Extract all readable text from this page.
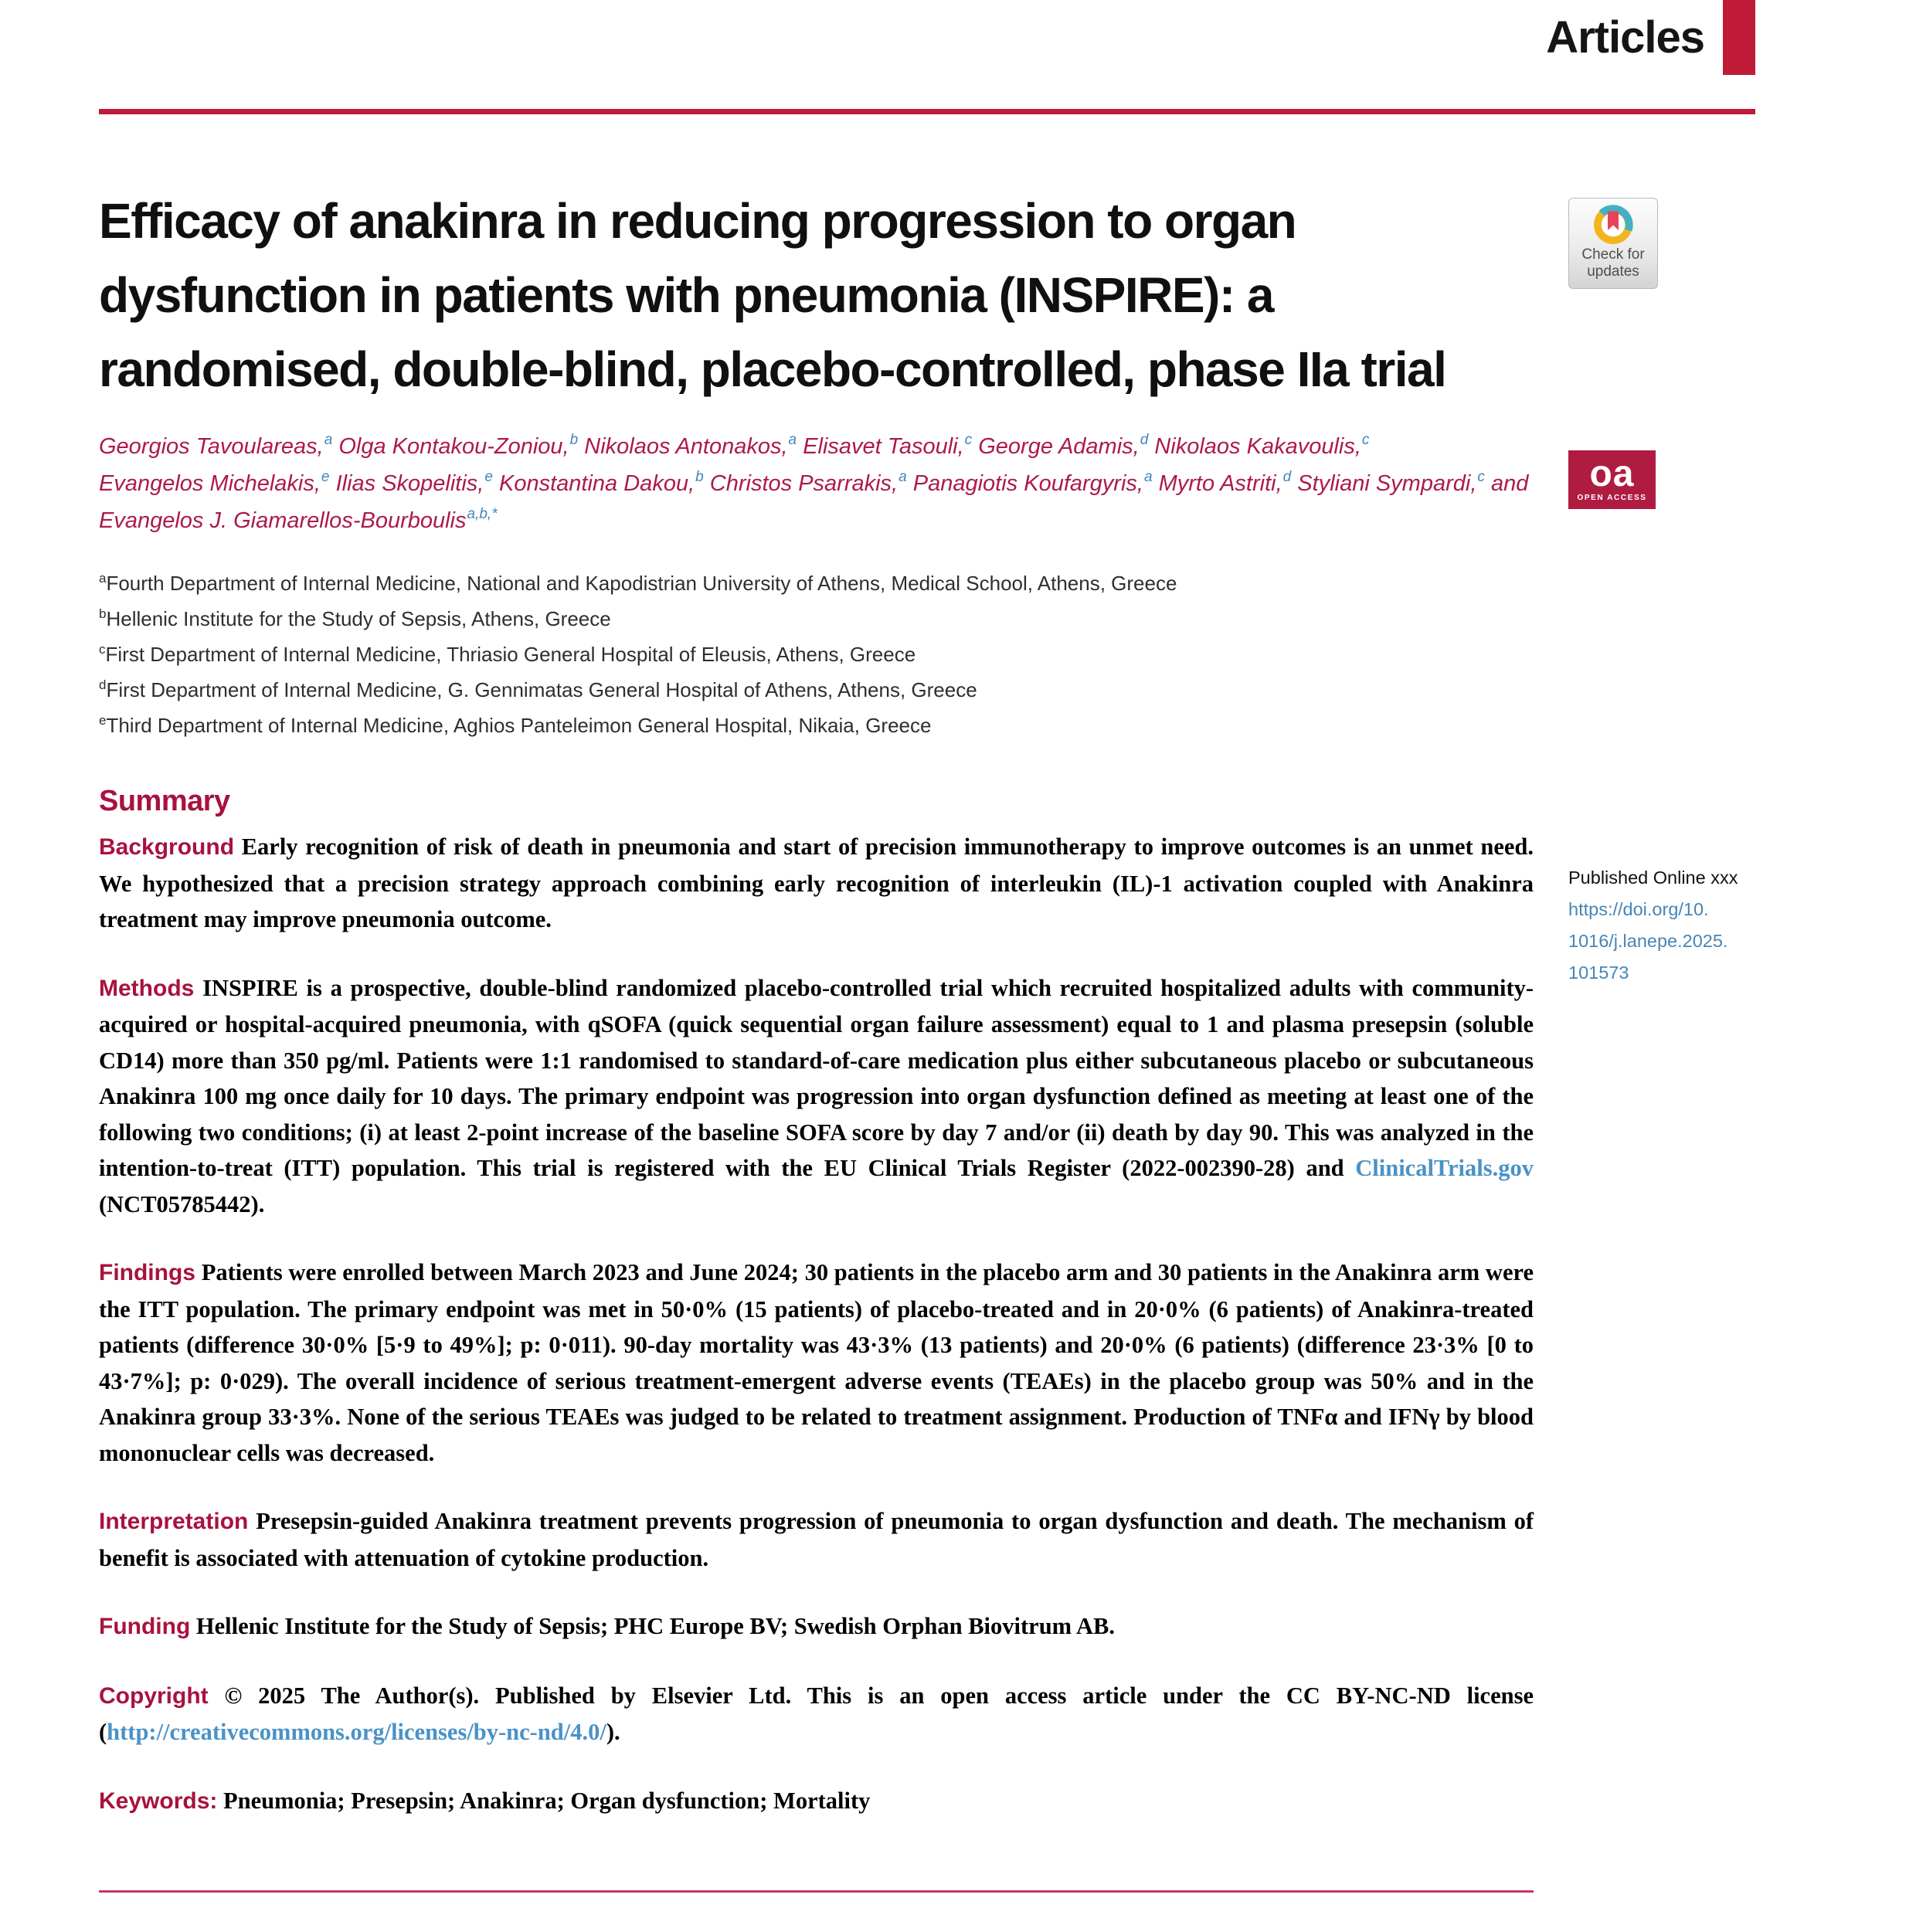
Articles
Efficacy of anakinra in reducing progression to organ
dysfunction in patients with pneumonia (INSPIRE): a
randomised, double-blind, placebo-controlled, phase IIa trial
Georgios Tavoulareas,$^a$ Olga Kontakou-Zoniou,$^b$ Nikolaos Antonakos,$^a$ Elisavet Tasouli,$^c$ George Adamis,$^d$ Nikolaos Kakavoulis,$^c$
Evangelos Michelakis,$^e$ Ilias Skopelitis,$^e$ Konstantina Dakou,$^b$ Christos Psarrakis,$^a$ Panagiotis Koufargyris,$^a$ Myrto Astriti,$^d$ Styliani Sympardi,$^c$ and
Evangelos J. Giamarellos-Bourboulis$^{a,b,*}$
$^a$Fourth Department of Internal Medicine, National and Kapodistrian University of Athens, Medical School, Athens, Greece
$^b$Hellenic Institute for the Study of Sepsis, Athens, Greece
$^c$First Department of Internal Medicine, Thriasio General Hospital of Eleusis, Athens, Greece
$^d$First Department of Internal Medicine, G. Gennimatas General Hospital of Athens, Athens, Greece
$^e$Third Department of Internal Medicine, Aghios Panteleimon General Hospital, Nikaia, Greece
Summary

Background Early recognition of risk of death in pneumonia and start of precision immunotherapy to improve outcomes is an unmet need. We hypothesized that a precision strategy approach combining early recognition of interleukin (IL)-1 activation coupled with Anakinra treatment may improve pneumonia outcome.

Methods INSPIRE is a prospective, double-blind randomized placebo-controlled trial which recruited hospitalized adults with community-acquired or hospital-acquired pneumonia, with qSOFA (quick sequential organ failure assessment) equal to 1 and plasma presepsin (soluble CD14) more than 350 pg/ml. Patients were 1:1 randomised to standard-of-care medication plus either subcutaneous placebo or subcutaneous Anakinra 100 mg once daily for 10 days. The primary endpoint was progression into organ dysfunction defined as meeting at least one of the following two conditions; (i) at least 2-point increase of the baseline SOFA score by day 7 and/or (ii) death by day 90. This was analyzed in the intention-to-treat (ITT) population. This trial is registered with the EU Clinical Trials Register (2022-002390-28) and ClinicalTrials.gov (NCT05785442).

Findings Patients were enrolled between March 2023 and June 2024; 30 patients in the placebo arm and 30 patients in the Anakinra arm were the ITT population. The primary endpoint was met in 50·0% (15 patients) of placebo-treated and in 20·0% (6 patients) of Anakinra-treated patients (difference 30·0% [5·9 to 49%]; p: 0·011). 90-day mortality was 43·3% (13 patients) and 20·0% (6 patients) (difference 23·3% [0 to 43·7%]; p: 0·029). The overall incidence of serious treatment-emergent adverse events (TEAEs) in the placebo group was 50% and in the Anakinra group 33·3%. None of the serious TEAEs was judged to be related to treatment assignment. Production of TNFα and IFNγ by blood mononuclear cells was decreased.

Interpretation Presepsin-guided Anakinra treatment prevents progression of pneumonia to organ dysfunction and death. The mechanism of benefit is associated with attenuation of cytokine production.

Funding Hellenic Institute for the Study of Sepsis; PHC Europe BV; Swedish Orphan Biovitrum AB.

Copyright © 2025 The Author(s). Published by Elsevier Ltd. This is an open access article under the CC BY-NC-ND license (http://creativecommons.org/licenses/by-nc-nd/4.0/).

Keywords: Pneumonia; Presepsin; Anakinra; Organ dysfunction; Mortality

Check for
updates
oa
OPEN ACCESS
Published Online xxx
https://doi.org/10.
1016/j.lanepe.2025.
101573
